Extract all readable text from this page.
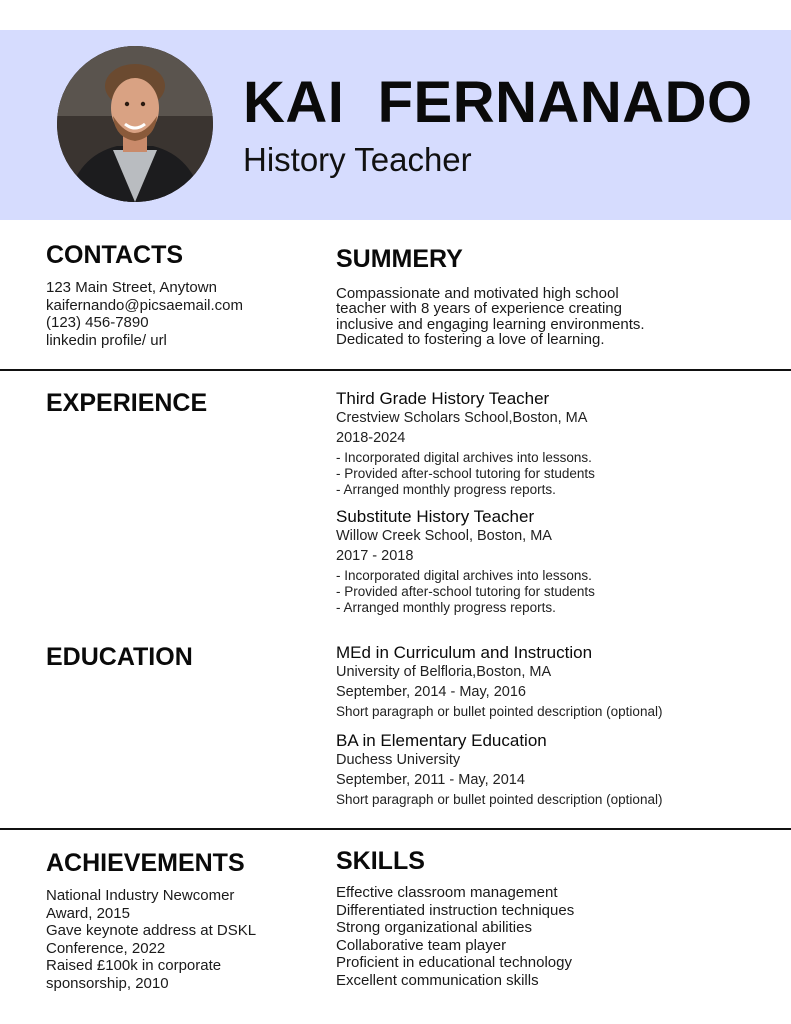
KAI  FERNANADO
History Teacher
CONTACTS
123 Main Street, Anytown
kaifernando@picsaemail.com
(123) 456-7890
linkedin profile/ url
SUMMERY
Compassionate and motivated high school
teacher with 8 years of experience creating
inclusive and engaging learning environments.
Dedicated to fostering a love of learning.
EXPERIENCE	Third Grade History Teacher

Crestview Scholars School,Boston, MA

2018-2024

- Incorporated digital archives into lessons.
- Provided after-school tutoring for students
- Arranged monthly progress reports.

Substitute History Teacher

Willow Creek School, Boston, MA

2017 - 2018

- Incorporated digital archives into lessons.
- Provided after-school tutoring for students
- Arranged monthly progress reports.
EDUCATION	MEd in Curriculum and Instruction

University of Belfloria,Boston, MA

September, 2014 - May, 2016

Short paragraph or bullet pointed description (optional)

BA in Elementary Education

Duchess University

September, 2011 - May, 2014

Short paragraph or bullet pointed description (optional)

ACHIEVEMENTS
National Industry Newcomer
Award, 2015
Gave keynote address at DSKL
Conference, 2022
Raised £100k in corporate
sponsorship, 2010
SKILLS
Effective classroom management
Differentiated instruction techniques
Strong organizational abilities
Collaborative team player
Proficient in educational technology
Excellent communication skills
